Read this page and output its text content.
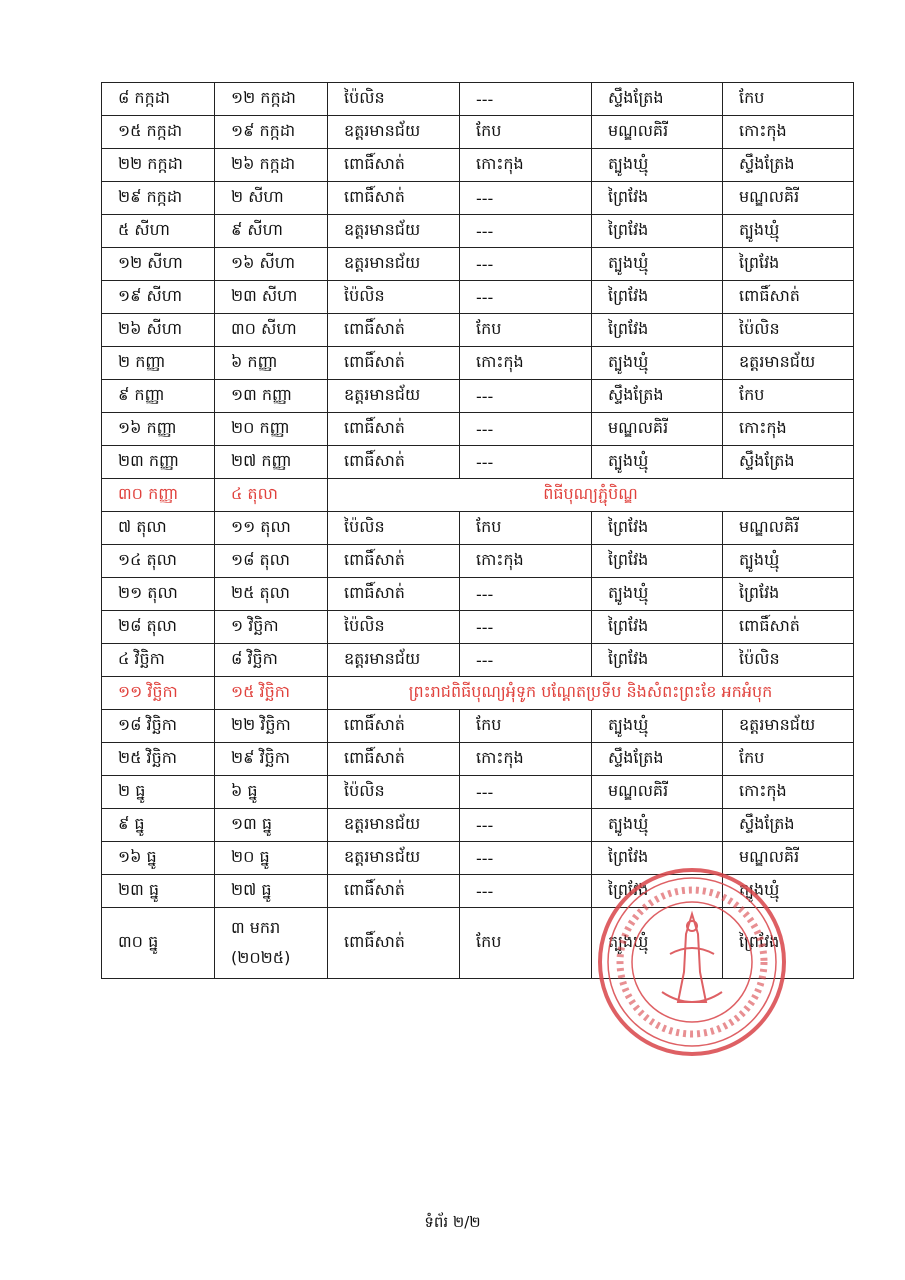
៨ កក្កដា	១២ កក្កដា	ប៉ៃលិន	---	ស្ទឹងត្រែង	កែប
១៥ កក្កដា	១៩ កក្កដា	ឧត្តរមានជ័យ	កែប	មណ្ឌលគិរី	កោះកុង
២២ កក្កដា	២៦ កក្កដា	ពោធិ៍សាត់	កោះកុង	ត្បូងឃ្មុំ	ស្ទឹងត្រែង
២៩ កក្កដា	២ សីហា	ពោធិ៍សាត់	---	ព្រៃវែង	មណ្ឌលគិរី
៥ សីហា	៩ សីហា	ឧត្តរមានជ័យ	---	ព្រៃវែង	ត្បូងឃ្មុំ
១២ សីហា	១៦ សីហា	ឧត្តរមានជ័យ	---	ត្បូងឃ្មុំ	ព្រៃវែង
១៩ សីហា	២៣ សីហា	ប៉ៃលិន	---	ព្រៃវែង	ពោធិ៍សាត់
២៦ សីហា	៣០ សីហា	ពោធិ៍សាត់	កែប	ព្រៃវែង	ប៉ៃលិន
២ កញ្ញា	៦ កញ្ញា	ពោធិ៍សាត់	កោះកុង	ត្បូងឃ្មុំ	ឧត្តរមានជ័យ
៩ កញ្ញា	១៣ កញ្ញា	ឧត្តរមានជ័យ	---	ស្ទឹងត្រែង	កែប
១៦ កញ្ញា	២០ កញ្ញា	ពោធិ៍សាត់	---	មណ្ឌលគិរី	កោះកុង
២៣ កញ្ញា	២៧ កញ្ញា	ពោធិ៍សាត់	---	ត្បូងឃ្មុំ	ស្ទឹងត្រែង
៣០ កញ្ញា	៤ តុលា	ពិធីបុណ្យភ្ជុំបិណ្ឌ			
៧ តុលា	១១ តុលា	ប៉ៃលិន	កែប	ព្រៃវែង	មណ្ឌលគិរី
១៤ តុលា	១៨ តុលា	ពោធិ៍សាត់	កោះកុង	ព្រៃវែង	ត្បូងឃ្មុំ
២១ តុលា	២៥ តុលា	ពោធិ៍សាត់	---	ត្បូងឃ្មុំ	ព្រៃវែង
២៨ តុលា	១ វិច្ឆិកា	ប៉ៃលិន	---	ព្រៃវែង	ពោធិ៍សាត់
៤ វិច្ឆិកា	៨ វិច្ឆិកា	ឧត្តរមានជ័យ	---	ព្រៃវែង	ប៉ៃលិន
១១ វិច្ឆិកា	១៥ វិច្ឆិកា	ព្រះរាជពិធីបុណ្យអុំទូក បណ្ដែតប្រទីប និងសំពះព្រះខែ អកអំបុក			
១៨ វិច្ឆិកា	២២ វិច្ឆិកា	ពោធិ៍សាត់	កែប	ត្បូងឃ្មុំ	ឧត្តរមានជ័យ
២៥ វិច្ឆិកា	២៩ វិច្ឆិកា	ពោធិ៍សាត់	កោះកុង	ស្ទឹងត្រែង	កែប
២ ធ្នូ	៦ ធ្នូ	ប៉ៃលិន	---	មណ្ឌលគិរី	កោះកុង
៩ ធ្នូ	១៣ ធ្នូ	ឧត្តរមានជ័យ	---	ត្បូងឃ្មុំ	ស្ទឹងត្រែង
១៦ ធ្នូ	២០ ធ្នូ	ឧត្តរមានជ័យ	---	ព្រៃវែង	មណ្ឌលគិរី
២៣ ធ្នូ	២៧ ធ្នូ	ពោធិ៍សាត់	---	ព្រៃវែង	ត្បូងឃ្មុំ
៣០ ធ្នូ	៣ មករា (២០២៥)	ពោធិ៍សាត់	កែប	ត្បូងឃ្មុំ	ព្រៃវែង
ទំព័រ ២/២
